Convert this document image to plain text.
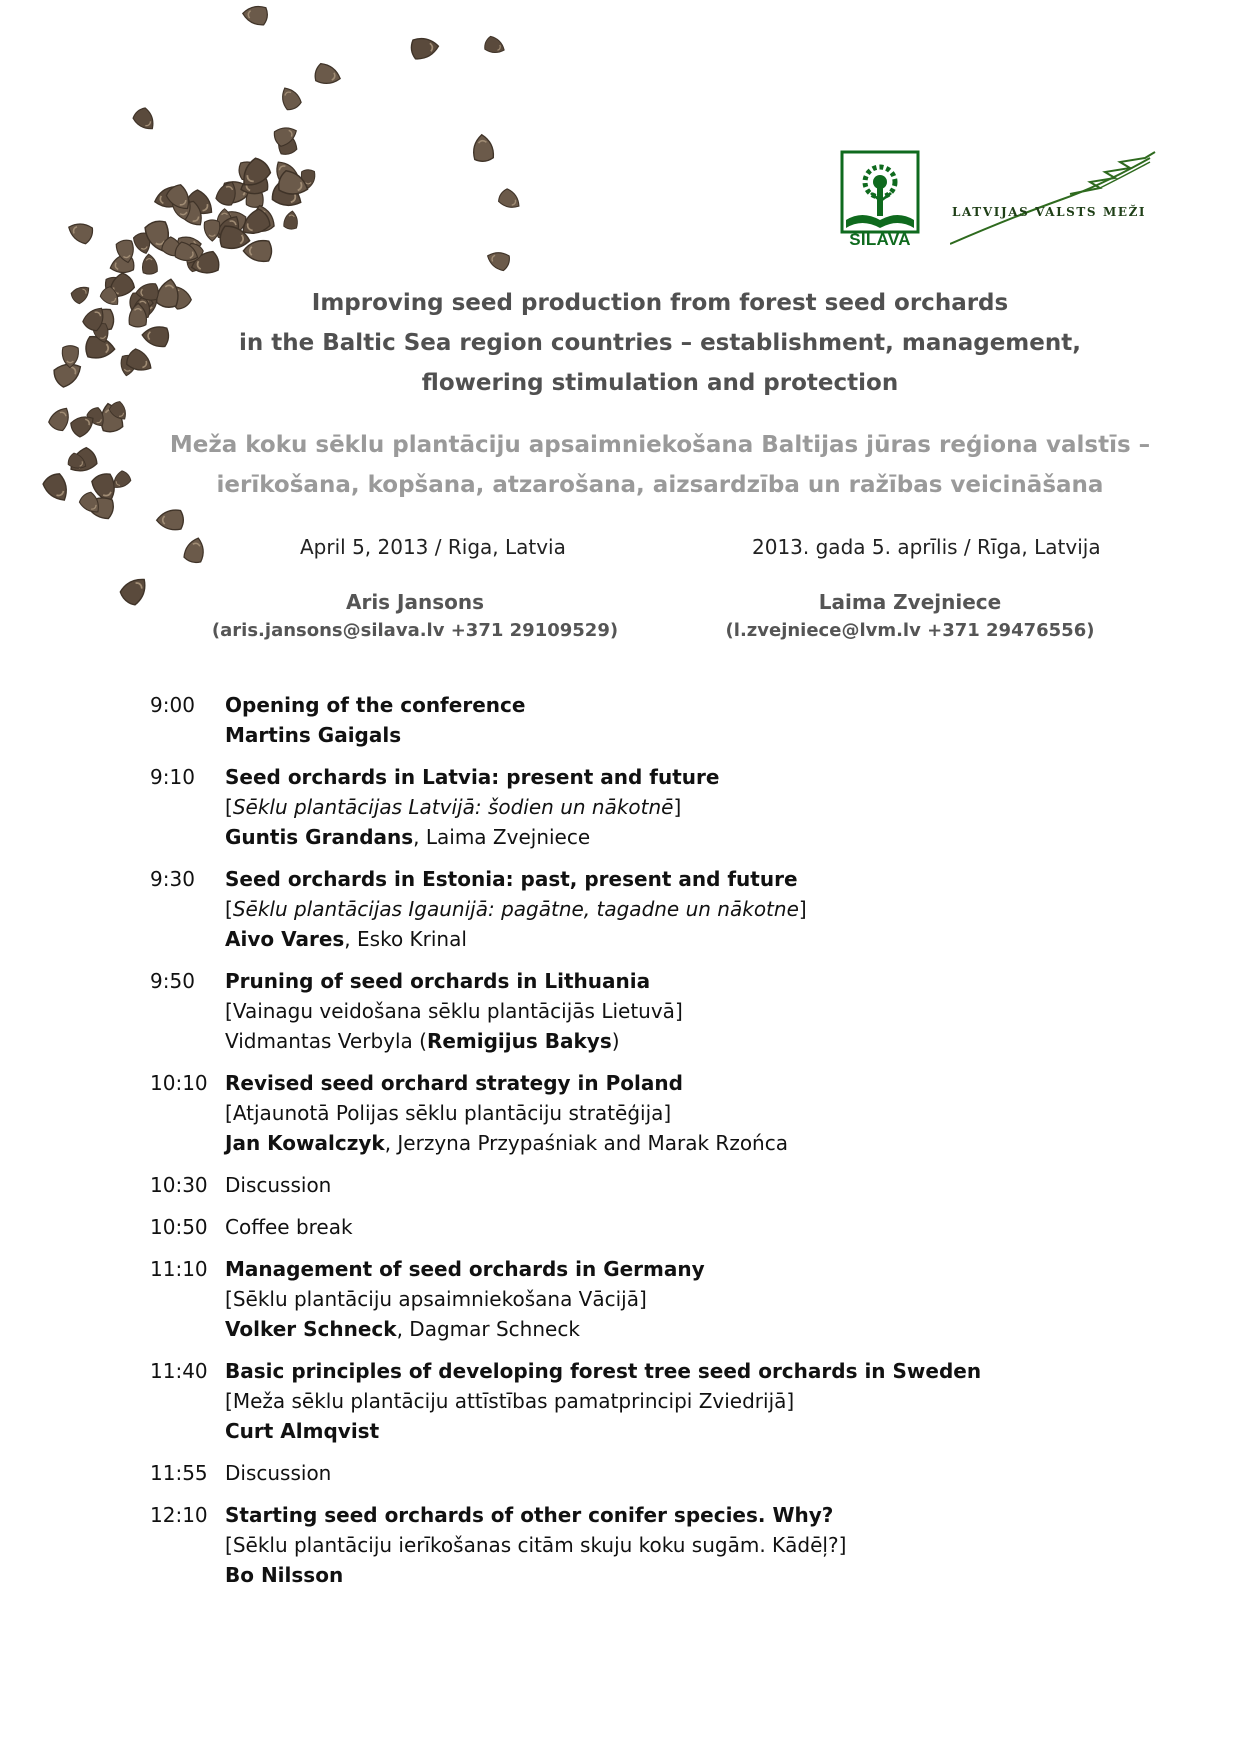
SILAVA
LATVIJAS VALSTS MEŽI
Improving seed production from forest seed orchards
in the Baltic Sea region countries – establishment, management,
flowering stimulation and protection
Meža koku sēklu plantāciju apsaimniekošana Baltijas jūras reģiona valstīs –
ierīkošana, kopšana, atzarošana, aizsardzība un ražības veicināšana
April 5, 2013 / Riga, Latvia	2013. gada 5. aprīlis / Rīga, Latvija
Aris Jansons
(aris.jansons@silava.lv +371 29109529)
Laima Zvejniece
(l.zvejniece@lvm.lv +371 29476556)
9:00	Opening of the conference
Martins Gaigals
9:10	Seed orchards in Latvia: present and future
[Sēklu plantācijas Latvijā: šodien un nākotnē]
Guntis Grandans, Laima Zvejniece
9:30	Seed orchards in Estonia: past, present and future
[Sēklu plantācijas Igaunijā: pagātne, tagadne un nākotne]
Aivo Vares, Esko Krinal
9:50	Pruning of seed orchards in Lithuania
[Vainagu veidošana sēklu plantācijās Lietuvā]
Vidmantas Verbyla (Remigijus Bakys)
10:10 Revised seed orchard strategy in Poland
[Atjaunotā Polijas sēklu plantāciju stratēģija]
Jan Kowalczyk, Jerzyna Przypaśniak and Marak Rzońca
10:30 Discussion
10:50 Coffee break
11:10 Management of seed orchards in Germany
[Sēklu plantāciju apsaimniekošana Vācijā]
Volker Schneck, Dagmar Schneck
11:40 Basic principles of developing forest tree seed orchards in Sweden
[Meža sēklu plantāciju attīstības pamatprincipi Zviedrijā]
Curt Almqvist
11:55 Discussion
12:10 Starting seed orchards of other conifer species. Why?
[Sēklu plantāciju ierīkošanas citām skuju koku sugām. Kādēļ?]
Bo Nilsson
